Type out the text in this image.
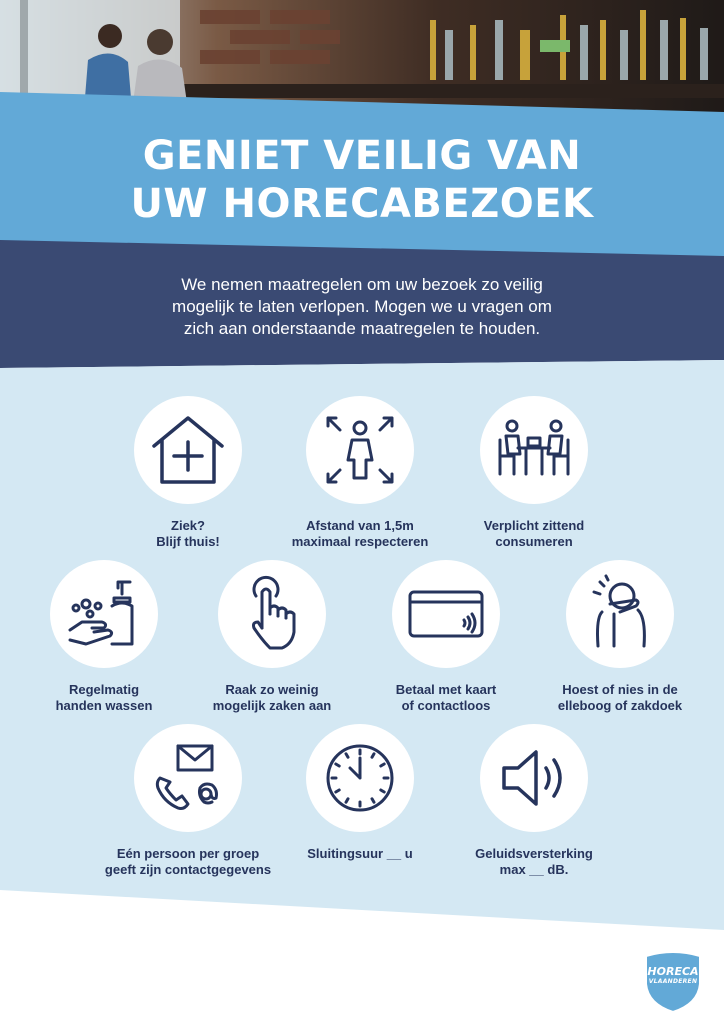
GENIET VEILIG VAN
UW HORECABEZOEK
We nemen maatregelen om uw bezoek zo veilig
mogelijk te laten verlopen. Mogen we u vragen om
zich aan onderstaande maatregelen te houden.
Ziek?
Blijf thuis!
Afstand van 1,5m
maximaal respecteren
Verplicht zittend
consumeren
Regelmatig
handen wassen
Raak zo weinig
mogelijk zaken aan
Betaal met kaart
of contactloos
Hoest of nies in de
elleboog of zakdoek
Eén persoon per groep
geeft zijn contactgegevens
Sluitingsuur __ u	Geluidsversterking
max __ dB.
HORECA
VLAANDEREN
